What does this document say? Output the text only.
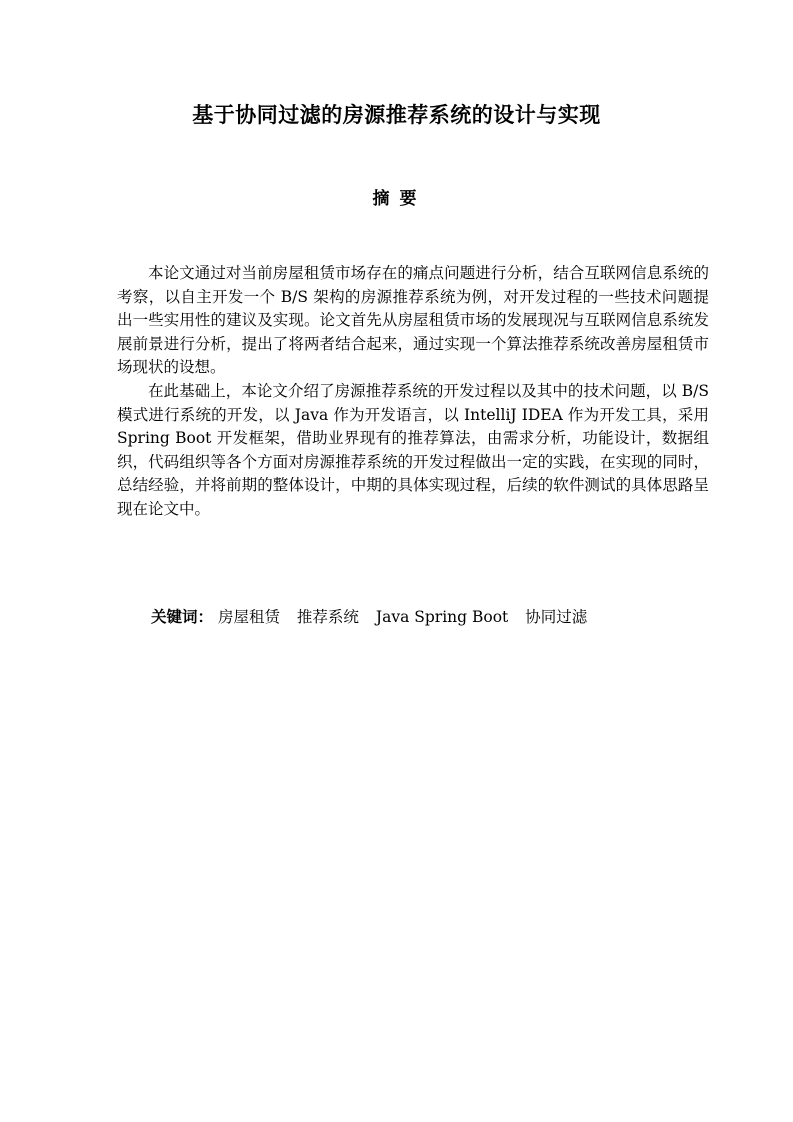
基于协同过滤的房源推荐系统的设计与实现
摘要

本论文通过对当前房屋租赁市场存在的痛点问题进行分析，结合互联网信息系统的考察，以自主开发一个 B/S 架构的房源推荐系统为例，对开发过程的一些技术问题提出一些实用性的建议及实现。论文首先从房屋租赁市场的发展现况与互联网信息系统发展前景进行分析，提出了将两者结合起来，通过实现一个算法推荐系统改善房屋租赁市场现状的设想。

在此基础上，本论文介绍了房源推荐系统的开发过程以及其中的技术问题，以 B/S 模式进行系统的开发，以 Java 作为开发语言，以 IntelliJ IDEA 作为开发工具，采用 Spring Boot 开发框架，借助业界现有的推荐算法，由需求分析，功能设计，数据组织，代码组织等各个方面对房源推荐系统的开发过程做出一定的实践，在实现的同时，总结经验，并将前期的整体设计，中期的具体实现过程，后续的软件测试的具体思路呈现在论文中。

关键词： 房屋租赁 推荐系统 Java Spring Boot 协同过滤
